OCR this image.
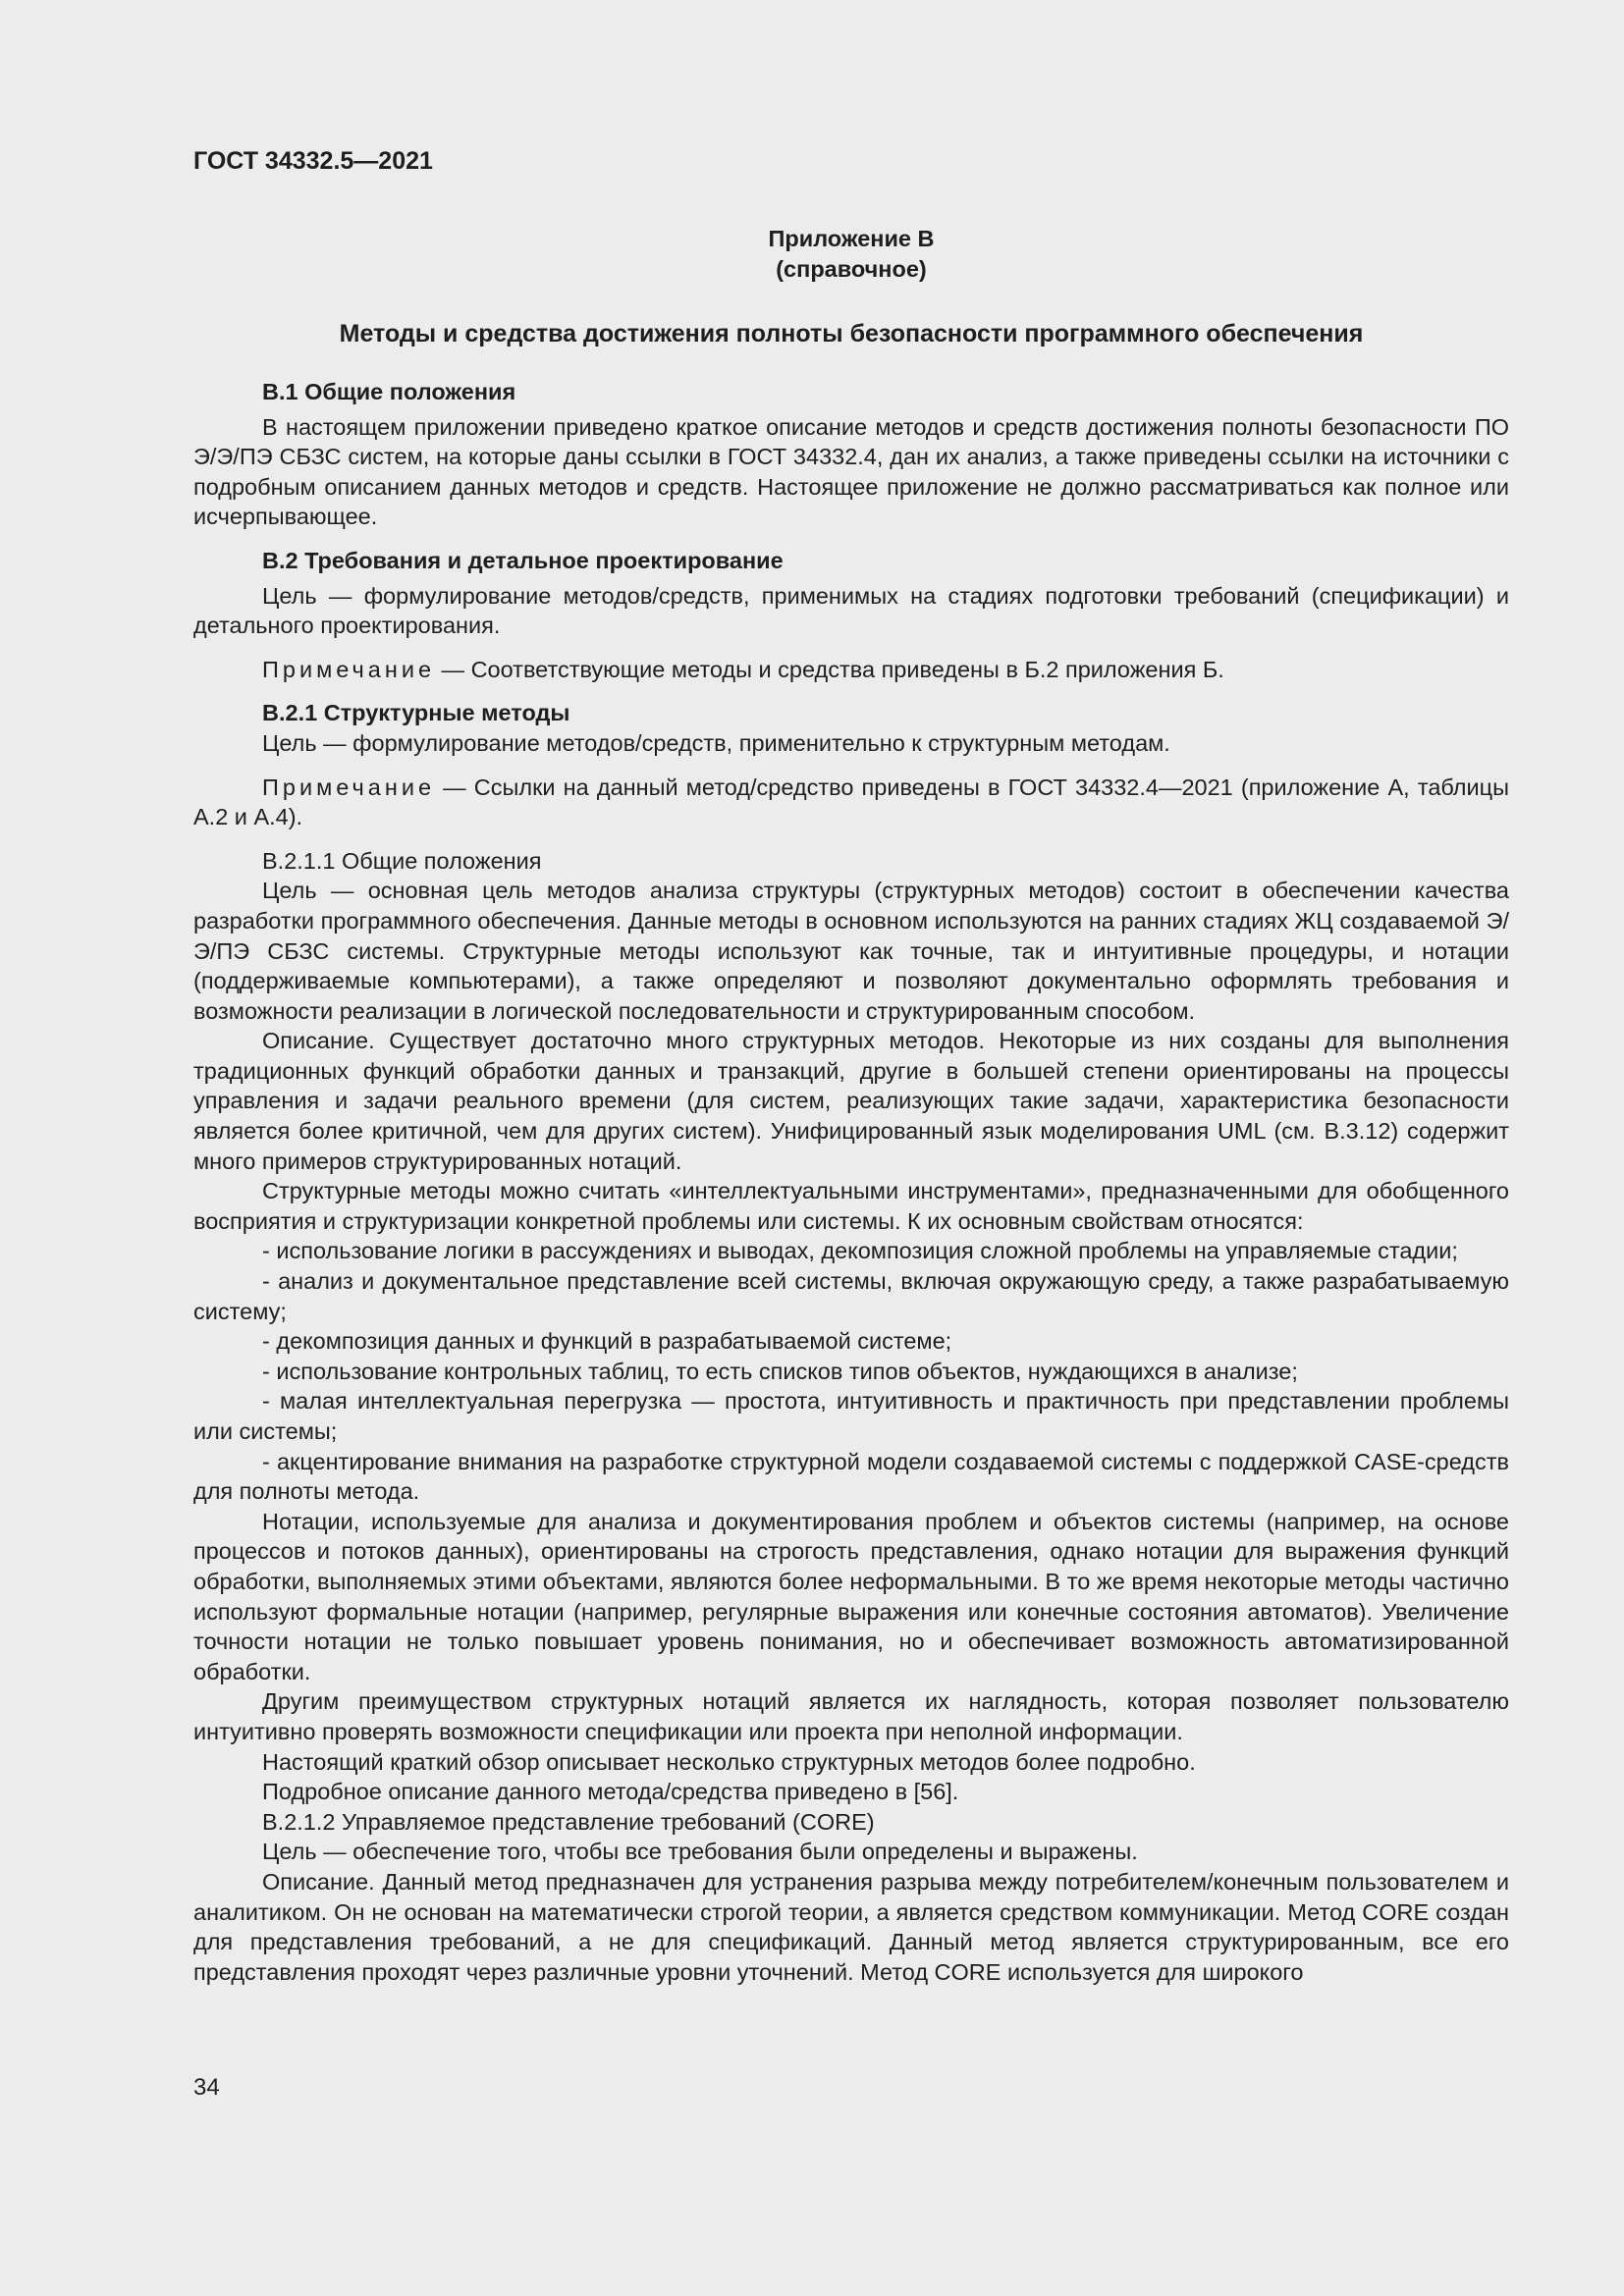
ГОСТ 34332.5—2021

Приложение В

(справочное)

Методы и средства достижения полноты безопасности программного обеспечения

В.1 Общие положения

В настоящем приложении приведено краткое описание методов и средств достижения полноты безопасности ПО Э/Э/ПЭ СБЗС систем, на которые даны ссылки в ГОСТ 34332.4, дан их анализ, а также приведены ссылки на источники с подробным описанием данных методов и средств. Настоящее приложение не должно рассматриваться как полное или исчерпывающее.

В.2 Требования и детальное проектирование

Цель — формулирование методов/средств, применимых на стадиях подготовки требований (спецификации) и детального проектирования.

Примечание — Соответствующие методы и средства приведены в Б.2 приложения Б.

В.2.1 Структурные методы

Цель — формулирование методов/средств, применительно к структурным методам.

Примечание — Ссылки на данный метод/средство приведены в ГОСТ 34332.4—2021 (приложение А, таблицы А.2 и А.4).

В.2.1.1 Общие положения

Цель — основная цель методов анализа структуры (структурных методов) состоит в обеспечении качества разработки программного обеспечения. Данные методы в основном используются на ранних стадиях ЖЦ создаваемой Э/Э/ПЭ СБЗС системы. Структурные методы используют как точные, так и интуитивные процедуры, и нотации (поддерживаемые компьютерами), а также определяют и позволяют документально оформлять требования и возможности реализации в логической последовательности и структурированным способом.

Описание. Существует достаточно много структурных методов. Некоторые из них созданы для выполнения традиционных функций обработки данных и транзакций, другие в большей степени ориентированы на процессы управления и задачи реального времени (для систем, реализующих такие задачи, характеристика безопасности является более критичной, чем для других систем). Унифицированный язык моделирования UML (см. В.3.12) содержит много примеров структурированных нотаций.

Структурные методы можно считать «интеллектуальными инструментами», предназначенными для обобщенного восприятия и структуризации конкретной проблемы или системы. К их основным свойствам относятся:

- использование логики в рассуждениях и выводах, декомпозиция сложной проблемы на управляемые стадии;

- анализ и документальное представление всей системы, включая окружающую среду, а также разрабатываемую систему;

- декомпозиция данных и функций в разрабатываемой системе;

- использование контрольных таблиц, то есть списков типов объектов, нуждающихся в анализе;

- малая интеллектуальная перегрузка — простота, интуитивность и практичность при представлении проблемы или системы;

- акцентирование внимания на разработке структурной модели создаваемой системы с поддержкой CASE-средств для полноты метода.

Нотации, используемые для анализа и документирования проблем и объектов системы (например, на основе процессов и потоков данных), ориентированы на строгость представления, однако нотации для выражения функций обработки, выполняемых этими объектами, являются более неформальными. В то же время некоторые методы частично используют формальные нотации (например, регулярные выражения или конечные состояния автоматов). Увеличение точности нотации не только повышает уровень понимания, но и обеспечивает возможность автоматизированной обработки.

Другим преимуществом структурных нотаций является их наглядность, которая позволяет пользователю интуитивно проверять возможности спецификации или проекта при неполной информации.

Настоящий краткий обзор описывает несколько структурных методов более подробно.

Подробное описание данного метода/средства приведено в [56].

В.2.1.2 Управляемое представление требований (CORE)

Цель — обеспечение того, чтобы все требования были определены и выражены.

Описание. Данный метод предназначен для устранения разрыва между потребителем/конечным пользователем и аналитиком. Он не основан на математически строгой теории, а является средством коммуникации. Метод CORE создан для представления требований, а не для спецификаций. Данный метод является структурированным, все его представления проходят через различные уровни уточнений. Метод CORE используется для широкого

34
